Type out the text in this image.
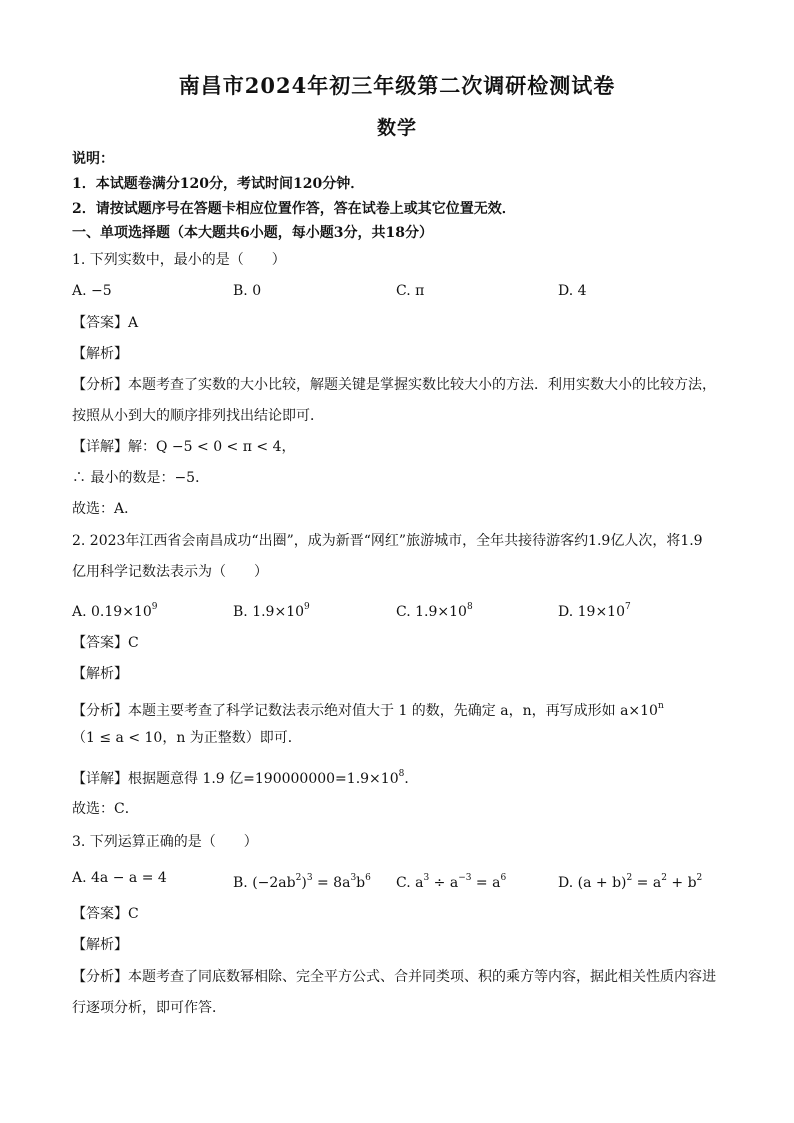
南昌市2024年初三年级第二次调研检测试卷
数学
说明：
1．本试题卷满分120分，考试时间120分钟．
2．请按试题序号在答题卡相应位置作答，答在试卷上或其它位置无效．
一、单项选择题（本大题共6小题，每小题3分，共18分）
1. 下列实数中，最小的是（　　）
A. −5	B. 0	C. π	D. 4
【答案】A
【解析】
【分析】本题考查了实数的大小比较，解题关键是掌握实数比较大小的方法．利用实数大小的比较方法，
按照从小到大的顺序排列找出结论即可．
【详解】解：Q −5 < 0 < π < 4，
∴ 最小的数是：−5．
故选：A．
2. 2023年江西省会南昌成功“出圈”，成为新晋“网红”旅游城市，全年共接待游客约1.9亿人次，将1.9
亿用科学记数法表示为（　　）
A. $0.19\times 10^9$	B. $1.9\times 10^9$	C. $1.9\times 10^8$	D. $19\times 10^7$
【答案】C
【解析】
【分析】本题主要考查了科学记数法表示绝对值大于 1 的数，先确定 a，n，再写成形如 $a\times 10^n$
（1 ≤ a < 10，n 为正整数）即可．
【详解】根据题意得 1.9 亿$=190000000=1.9\times 10^8$．
故选：C．
3. 下列运算正确的是（　　）
A. 4a − a = 4	B. $(-2ab^2)^3 = 8a^3b^6$ C. $a^3 \div a^{-3} = a^6$	D. $(a + b)^2 = a^2 + b^2$
【答案】C
【解析】
【分析】本题考查了同底数幂相除、完全平方公式、合并同类项、积的乘方等内容，据此相关性质内容进
行逐项分析，即可作答．
